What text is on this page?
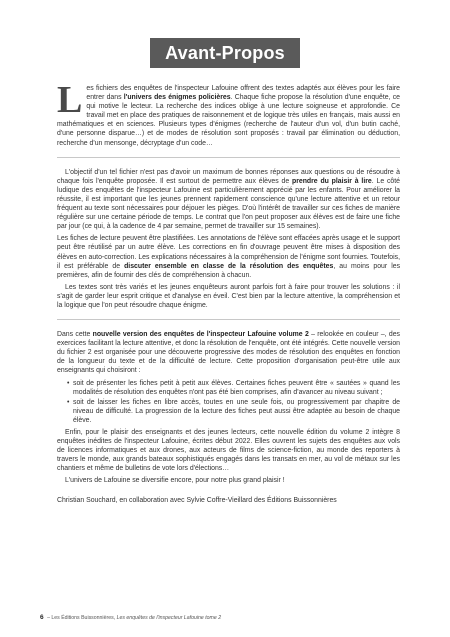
Avant-Propos

Les fichiers des enquêtes de l'inspecteur Lafouine offrent des textes adaptés aux élèves pour les faire entrer dans l'univers des énigmes policières. Chaque fiche propose la résolution d'une enquête, ce qui motive le lecteur. La recherche des indices oblige à une lecture soigneuse et approfondie. Ce travail met en place des pratiques de raisonnement et de logique très utiles en français, mais aussi en mathématiques et en sciences. Plusieurs types d'énigmes (recherche de l'auteur d'un vol, d'un butin caché, d'une personne disparue…) et de modes de résolution sont proposés : travail par élimination ou déduction, recherche d'un mensonge, décryptage d'un code…

L'objectif d'un tel fichier n'est pas d'avoir un maximum de bonnes réponses aux questions ou de résoudre à chaque fois l'enquête proposée. Il est surtout de permettre aux élèves de prendre du plaisir à lire. Le côté ludique des enquêtes de l'inspecteur Lafouine est particulièrement apprécié par les enfants. Pour améliorer la réussite, il est important que les jeunes prennent rapidement conscience qu'une lecture attentive et un retour fréquent au texte sont nécessaires pour déjouer les pièges. D'où l'intérêt de travailler sur ces fiches de manière régulière sur une certaine période de temps. Le contrat que l'on peut proposer aux élèves est de faire une fiche par jour (ce qui, à la cadence de 4 par semaine, permet de travailler sur 15 semaines).

Les fiches de lecture peuvent être plastifiées. Les annotations de l'élève sont effacées après usage et le support peut être réutilisé par un autre élève. Les corrections en fin d'ouvrage peuvent être mises à disposition des élèves en auto-correction. Les explications nécessaires à la compréhension de l'énigme sont fournies. Toutefois, il est préférable de discuter ensemble en classe de la résolution des enquêtes, au moins pour les premières, afin de fournir des clés de compréhension à chacun.

Les textes sont très variés et les jeunes enquêteurs auront parfois fort à faire pour trouver les solutions : il s'agit de garder leur esprit critique et d'analyse en éveil. C'est bien par la lecture attentive, la compréhension et la logique que l'on peut résoudre chaque énigme.

Dans cette nouvelle version des enquêtes de l'inspecteur Lafouine volume 2 – relookée en couleur –, des exercices facilitant la lecture attentive, et donc la résolution de l'enquête, ont été intégrés. Cette nouvelle version du fichier 2 est organisée pour une découverte progressive des modes de résolution des enquêtes en fonction de la longueur du texte et de la difficulté de lecture. Cette proposition d'organisation peut-être utile aux enseignants qui choisiront :

• soit de présenter les fiches petit à petit aux élèves. Certaines fiches peuvent être « sautées » quand les modalités de résolution des enquêtes n'ont pas été bien comprises, afin d'avancer au niveau suivant ;
• soit de laisser les fiches en libre accès, toutes en une seule fois, ou progressivement par chapitre de niveau de difficulté. La progression de la lecture des fiches peut aussi être adaptée au besoin de chaque élève.

Enfin, pour le plaisir des enseignants et des jeunes lecteurs, cette nouvelle édition du volume 2 intègre 8 enquêtes inédites de l'inspecteur Lafouine, écrites début 2022. Elles ouvrent les sujets des enquêtes aux vols de licences informatiques et aux drones, aux acteurs de films de science-fiction, au monde des reporters à travers le monde, aux grands bateaux sophistiqués engagés dans les transats en mer, au vol de métaux sur les chantiers et même de bulletins de vote lors d'élections…

L'univers de Lafouine se diversifie encore, pour notre plus grand plaisir !

Christian Souchard, en collaboration avec Sylvie Coffre-Vieillard des Éditions Buissonnières

6 – Les Éditions Buissonnières, Les enquêtes de l'inspecteur Lafouine tome 2
